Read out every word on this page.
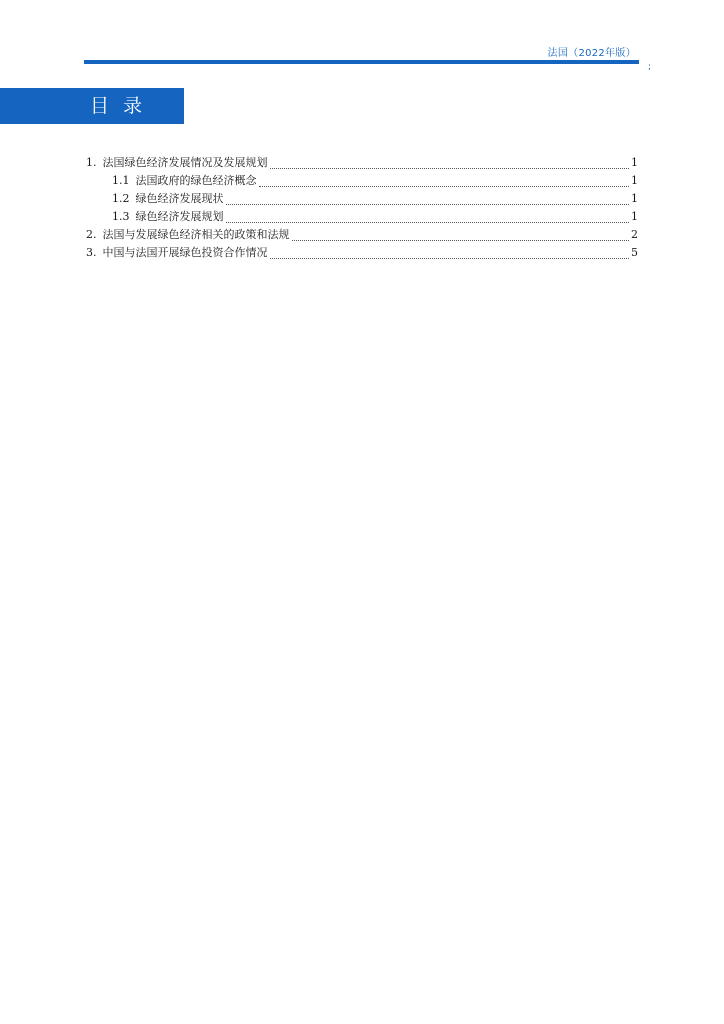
法国（2022年版）
;
目录
1. 法国绿色经济发展情况及发展规划	1
1.1 法国政府的绿色经济概念	1
1.2 绿色经济发展现状	1
1.3 绿色经济发展规划	1
2. 法国与发展绿色经济相关的政策和法规	2
3. 中国与法国开展绿色投资合作情况	5
